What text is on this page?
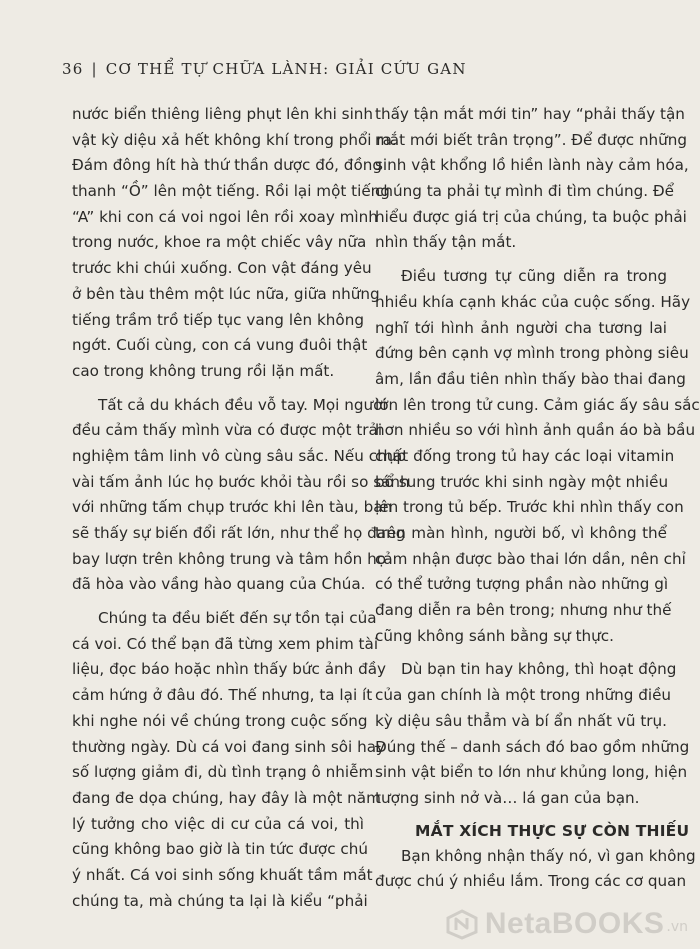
36 | CƠ THỂ TỰ CHỮA LÀNH: GIẢI CỨU GAN
nước biển thiêng liêng phụt lên khi sinh
vật kỳ diệu xả hết không khí trong phổi ra.
Đám đông hít hà thứ thần dược đó, đồng
thanh “Ồ” lên một tiếng. Rồi lại một tiếng
“A” khi con cá voi ngoi lên rồi xoay mình
trong nước, khoe ra một chiếc vây nữa
trước khi chúi xuống. Con vật đáng yêu
ở bên tàu thêm một lúc nữa, giữa những
tiếng trầm trồ tiếp tục vang lên không
ngớt. Cuối cùng, con cá vung đuôi thật
cao trong không trung rồi lặn mất.
Tất cả du khách đều vỗ tay. Mọi người
đều cảm thấy mình vừa có được một trải
nghiệm tâm linh vô cùng sâu sắc. Nếu chụp
vài tấm ảnh lúc họ bước khỏi tàu rồi so sánh
với những tấm chụp trước khi lên tàu, bạn
sẽ thấy sự biến đổi rất lớn, như thể họ đang
bay lượn trên không trung và tâm hồn họ
đã hòa vào vầng hào quang của Chúa.
Chúng ta đều biết đến sự tồn tại của
cá voi. Có thể bạn đã từng xem phim tài
liệu, đọc báo hoặc nhìn thấy bức ảnh đầy
cảm hứng ở đâu đó. Thế nhưng, ta lại ít
khi nghe nói về chúng trong cuộc sống
thường ngày. Dù cá voi đang sinh sôi hay
số lượng giảm đi, dù tình trạng ô nhiễm
đang đe dọa chúng, hay đây là một năm
lý tưởng cho việc di cư của cá voi, thì
cũng không bao giờ là tin tức được chú
ý nhất. Cá voi sinh sống khuất tầm mắt
chúng ta, mà chúng ta lại là kiểu “phải
thấy tận mắt mới tin” hay “phải thấy tận
mắt mới biết trân trọng”. Để được những
sinh vật khổng lồ hiền lành này cảm hóa,
chúng ta phải tự mình đi tìm chúng. Để
hiểu được giá trị của chúng, ta buộc phải
nhìn thấy tận mắt.
Điều tương tự cũng diễn ra trong
nhiều khía cạnh khác của cuộc sống. Hãy
nghĩ tới hình ảnh người cha tương lai
đứng bên cạnh vợ mình trong phòng siêu
âm, lần đầu tiên nhìn thấy bào thai đang
lớn lên trong tử cung. Cảm giác ấy sâu sắc
hơn nhiều so với hình ảnh quần áo bà bầu
chất đống trong tủ hay các loại vitamin
bổ sung trước khi sinh ngày một nhiều
lên trong tủ bếp. Trước khi nhìn thấy con
trên màn hình, người bố, vì không thể
cảm nhận được bào thai lớn dần, nên chỉ
có thể tưởng tượng phần nào những gì
đang diễn ra bên trong; nhưng như thế
cũng không sánh bằng sự thực.
Dù bạn tin hay không, thì hoạt động
của gan chính là một trong những điều
kỳ diệu sâu thẳm và bí ẩn nhất vũ trụ.
Đúng thế – danh sách đó bao gồm những
sinh vật biển to lớn như khủng long, hiện
tượng sinh nở và… lá gan của bạn.
MẮT XÍCH THỰC SỰ CÒN THIẾU
Bạn không nhận thấy nó, vì gan không
được chú ý nhiều lắm. Trong các cơ quan
NetaBOOKS .vn
